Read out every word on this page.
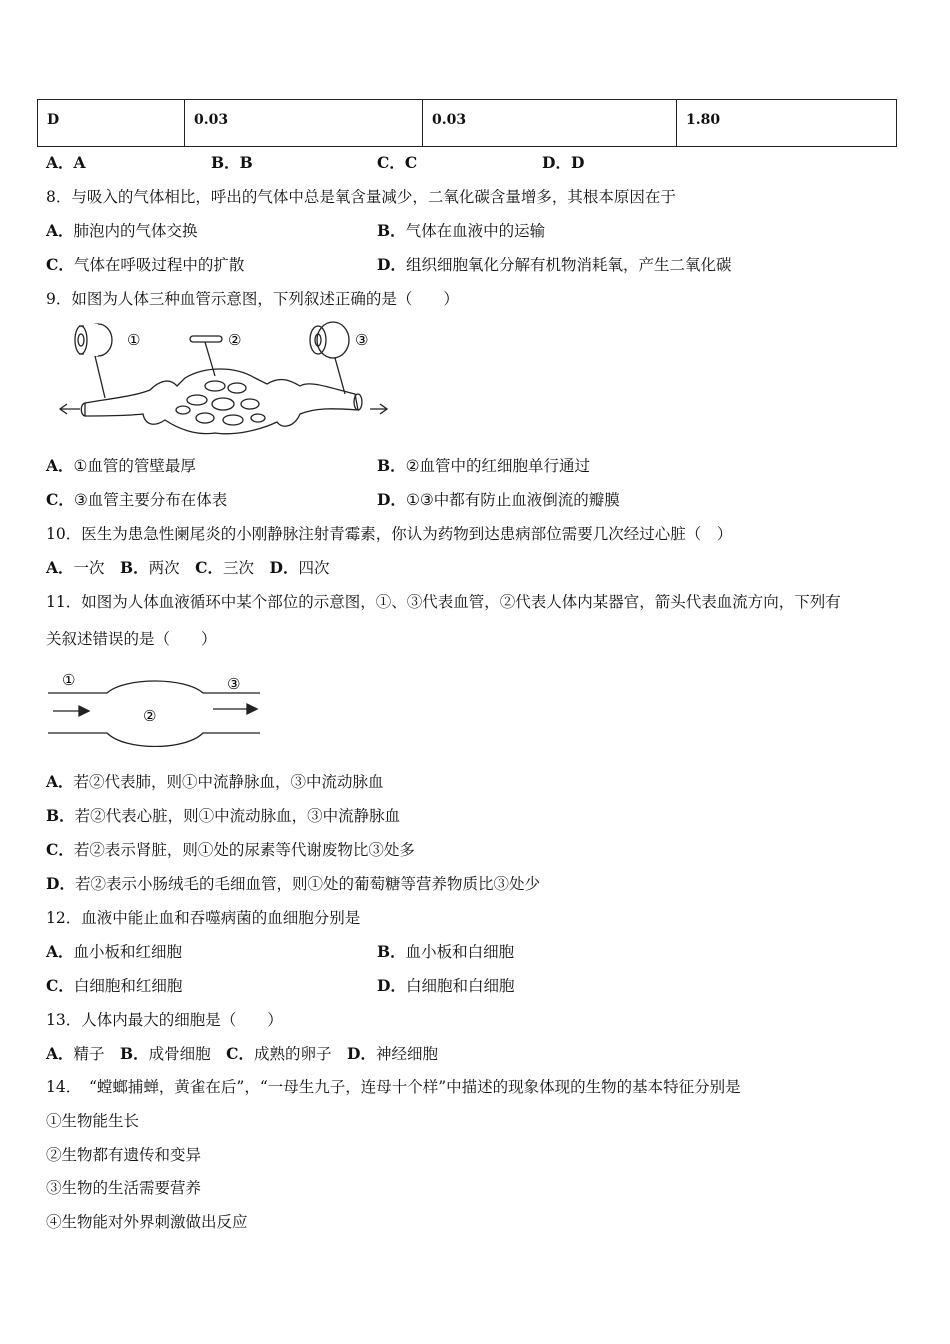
D	0.03	0.03	1.80
A．A	B．B	C．C	D．D
8．与吸入的气体相比，呼出的气体中总是氧含量减少，二氧化碳含量增多，其根本原因在于
A．肺泡内的气体交换	B．气体在血液中的运输
C．气体在呼吸过程中的扩散	D．组织细胞氧化分解有机物消耗氧，产生二氧化碳
9．如图为人体三种血管示意图，下列叙述正确的是（　　）
①	②	③
A．①血管的管壁最厚	B．②血管中的红细胞单行通过
C．③血管主要分布在体表	D．①③中都有防止血液倒流的瓣膜
10．医生为患急性阑尾炎的小刚静脉注射青霉素，你认为药物到达患病部位需要几次经过心脏（　）
A．一次　B．两次　C．三次　D．四次
11．如图为人体血液循环中某个部位的示意图，①、③代表血管，②代表人体内某器官，箭头代表血流方向，下列有
关叙述错误的是（　　）
①
②
③
A．若②代表肺，则①中流静脉血，③中流动脉血
B．若②代表心脏，则①中流动脉血，③中流静脉血
C．若②表示肾脏，则①处的尿素等代谢废物比③处多
D．若②表示小肠绒毛的毛细血管，则①处的葡萄糖等营养物质比③处少
12．血液中能止血和吞噬病菌的血细胞分别是
A．血小板和红细胞	B．血小板和白细胞
C．白细胞和红细胞	D．白细胞和白细胞
13．人体内最大的细胞是（　　）
A．精子　B．成骨细胞　C．成熟的卵子　D．神经细胞
14．　“螳螂捕蝉，黄雀在后”，“一母生九子，连母十个样”中描述的现象体现的生物的基本特征分别是
①生物能生长
②生物都有遗传和变异
③生物的生活需要营养
④生物能对外界刺激做出反应
